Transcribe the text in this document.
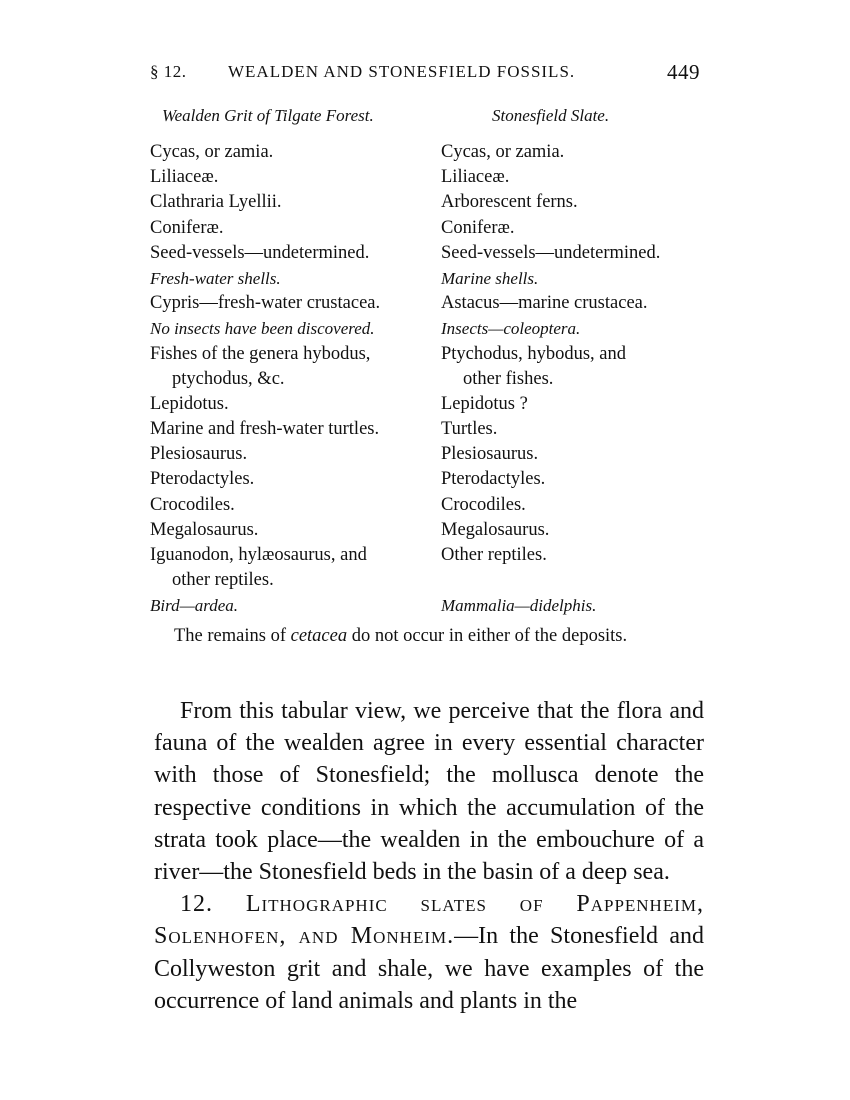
§ 12. WEALDEN AND STONESFIELD FOSSILS.	449
Wealden Grit of Tilgate Forest.	Stonesfield Slate.
Cycas, or zamia.
Liliaceæ.
Clathraria Lyellii.
Coniferæ.
Seed-vessels—undetermined.
Fresh-water shells.
Cypris—fresh-water crustacea.
No insects have been discovered.
Fishes of the genera hybodus,
ptychodus, &c.
Lepidotus.
Marine and fresh-water turtles.
Plesiosaurus.
Pterodactyles.
Crocodiles.
Megalosaurus.
Iguanodon, hylæosaurus, and
other reptiles.
Bird—ardea.
Cycas, or zamia.
Liliaceæ.
Arborescent ferns.
Coniferæ.
Seed-vessels—undetermined.
Marine shells.
Astacus—marine crustacea.
Insects—coleoptera.
Ptychodus, hybodus, and
other fishes.
Lepidotus ?
Turtles.
Plesiosaurus.
Pterodactyles.
Crocodiles.
Megalosaurus.
Other reptiles.
Mammalia—didelphis.
The remains of cetacea do not occur in either of the deposits.

From this tabular view, we perceive that the flora and fauna of the wealden agree in every essential character with those of Stonesfield; the mollusca denote the respective conditions in which the accumulation of the strata took place—the wealden in the embouchure of a river—the Stonesfield beds in the basin of a deep sea.

12. Lithographic slates of Pappenheim, Solenhofen, and Monheim.—In the Stonesfield and Collyweston grit and shale, we have examples of the occurrence of land animals and plants in the
